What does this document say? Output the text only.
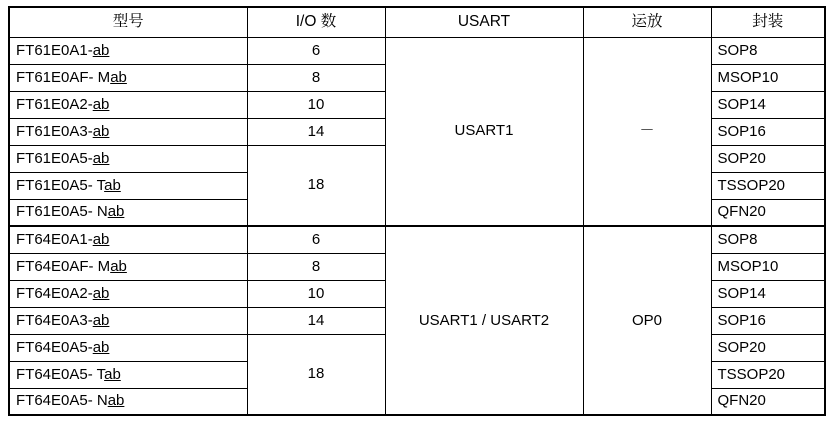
型号	I/O 数	USART	运放	封装
FT61E0A1-ab	6	USART1	－	SOP8
FT61E0AF- Mab	8			MSOP10
FT61E0A2-ab	10			SOP14
FT61E0A3-ab	14			SOP16
FT61E0A5-ab	18			SOP20
FT61E0A5- Tab				TSSOP20
FT61E0A5- Nab				QFN20
FT64E0A1-ab	6	USART1 / USART2	OP0	SOP8
FT64E0AF- Mab	8			MSOP10
FT64E0A2-ab	10			SOP14
FT64E0A3-ab	14			SOP16
FT64E0A5-ab	18			SOP20
FT64E0A5- Tab				TSSOP20
FT64E0A5- Nab				QFN20
